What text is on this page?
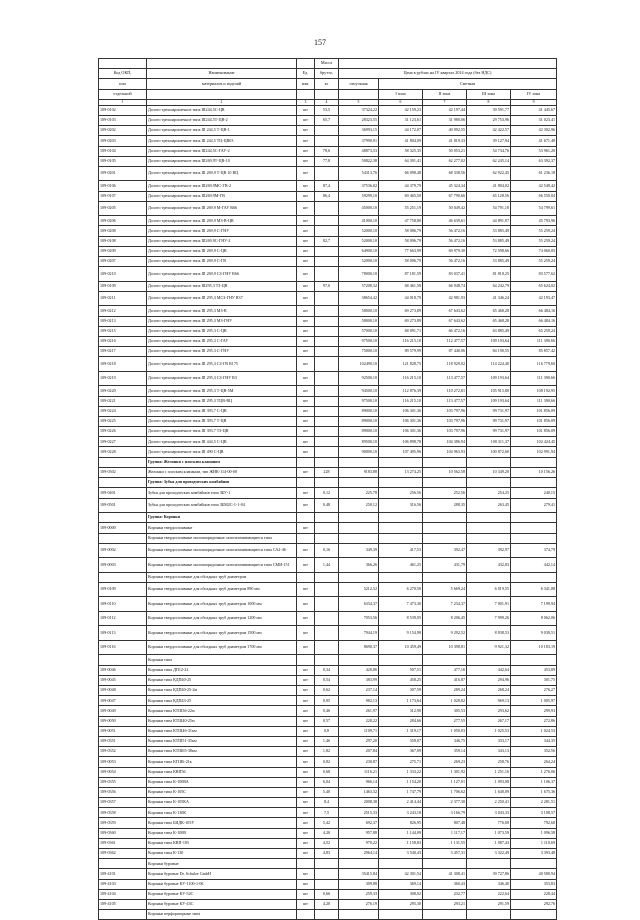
157
			Масса					
Код ОКП,	Наименование	Ед.	брутто,	Цена в рублях на IV квартал 2014 года (без НДС)				
или	материалов и изделий	изм.	кг	отпускная	Сметная			
отдельной					I зона	II зона	III зона	IV зона
1	2	3	4	5	6	7	8	9
109-0102	Долото трехшарошечное типа III244,5С-ЦВ	шт	53,5	37324,22	42 159,23	42 197,44	39 591,77	41 445,67
109-0103	Долото трехшарошечное типа III244,5Т-ЦВ-2	шт	65,7	28323,55	31 123,61	31 980,06	29 753,96	31 023,41
109-0202	Долото трехшарошечное типа III 244,5 Т-ЦВ-1	шт		36993,15	44 172,07	40 092,55	42 422,57	42 302,96
109-0203	Долото трехшарошечное типа III 244,5 ТЦ-ЦВ03	шт		37990,91	41 804,09	41 819,33	39 127,94	41 671,48
109-0104	Долото трехшарошечное типа III244,5С-ГАУ-2	шт	78,6	48873,53	58 325,35	50 053,21	54 734,76	53 961,20
109-0105	Долото трехшарошечное типа III269,9Т-ЦВ-10	шт	77,8	50822,38	64 391,41	62 277,02	62 245,14	63 392,37
109-0201	Долото трехшарошечное типа III 269,9 Т-ЦВ 10 ВЦ	шт		54313,76	66 098,48	68 338,56	62 922,45	61 236,18
109-0106	Долото трехшарошечное типа III269,9МС-ГВ-2	шт	87,4	37536,02	44 379,79	45 324,34	41 804,02	42 549,42
109-0107	Долото трехшарошечное типа III269,9М-ГВ	шт	86,4	59299,10	69 465,50	67 790,66	65 128,56	66 550,04
109-0205	Долото трехшарошечное типа III 269,9 М-ГАУ R66	шт		45000,10	55 251,19	50 049,42	54 791,18	54 799,61
109-0206	Долото трехшарошечное типа III 269,9 МЗ-В-ЦВ	шт		41000,10	47 758,80	46 639,61	44 891,97	45 793,96
109-0208	Долото трехшарошечное типа III 269,9 С-ГНУ	шт		52000,10	58 086,79	56 472,16	53 885,49	55 259,24
109-0108	Долото трехшарошечное типа III269,9С-ГНУ-2	шт	82,7	52000,10	58 096,79	56 472,16	53 885,49	55 259,24
109-0209	Долото трехшарошечное типа III 269,9 С-ЦВ	шт		64900,10	77 663,99	69 979,30	72 598,66	74 060,05
109-0207	Долото трехшарошечное типа III 269,9 С-ГВ	шт		52000,10	58 096,79	56 472,16	53 885,49	55 259,24
109-0210	Долото трехшарошечное типа III 269,9 СЗ-ГНУ R66	шт		78000,10	87 181,59	83 037,41	81 818,25	83 577,62
109-0109	Долото трехшарошечное типа III295,3 ТЗ-ЦВ	шт	97,0	57208,32	68 461,58	66 948,74	64 242,79	65 624,02
109-0211	Долото трехшарошечное типа III 295,3 МСЗ-ГНУ R37	шт		38654,42	44 018,79	42 981,93	41 346,24	42 193,47
109-0212	Долото трехшарошечное типа III 295,3 МЗ-В	шт		58000,10	69 273,89	67 643,62	65 468,28	66 484,16
109-0213	Долото трехшарошечное типа III 295,3 МЗ-ГНУ	шт		58000,10	69 273,89	67 643,62	65 468,28	66 484,16
109-0215	Долото трехшарошечное типа III 295,3 С-ЦВ	шт		57000,10	68 091,71	66 472,16	63 885,49	65 259,24
109-0216	Долото трехшарошечное типа III 295,3 С-ГАУ	шт		97500,10	116 215,10	112 477,57	109 193,64	111 390,66
109-0217	Долото трехшарошечное типа III 295,3 С-ГНУ	шт		75000,10	89 579,99	87 440,06	84 190,55	85 857,42
109-0218	Долото трехшарошечное типа III 295,3 СЗ-ГВ R175	шт		102490,10	121 828,75	118 929,02	114 224,40	116 779,60
109-0219	Долото трехшарошечное типа III 295,3 СЗ-ГНУ R3	шт		92500,10	116 215,10	113 477,57	109 193,64	111 390,66
109-0220	Долото трехшарошечное типа III 295,3 Т-ЦВ-5М	шт		94500,10	112 876,39	110 272,81	105 915,80	108 192,95
109-0221	Долото трехшарошечное типа III 295,3 ТЦВ-ВЦ	шт		97500,10	116 215,10	113 477,57	109 193,64	111 390,66
109-0224	Долото трехшарошечное типа III 393,7 С-ЦВ	шт		89000,10	106 301,36	103 797,96	99 731,97	101 856,09
109-0225	Долото трехшарошечное типа III 393,7 Т-ЦВ	шт		89000,10	106 301,36	103 797,96	99 731,97	101 856,09
109-0226	Долото трехшарошечное типа III 393,7 ТЗ-ЦВ	шт		89000,10	106 301,36	103 797,96	99 731,97	101 856,09
109-0227	Долото трехшарошечное типа III 444,5 С-ЦВ	шт		89500,10	106 898,78	104 386,94	100 311,37	102 424,45
109-0228	Долото трехшарошечное типа III 490 С-ЦВ	шт		90000,10	107 495,96	104 963,93	100 872,60	102 991,94
	Группа: Желонки с плоским клапаном							
109-0302	Желонки с плоским клапаном, тип ЖНК-114-00-00	шт	228	9183,88	13 274,25	10 562,58	10 349,20	10 156,26
	Группа: Зубья для проходческих комбайнов							
109-0401	Зубья для проходческих комбайнов типа ЗБУ-1	шт	0,12	225,78	256,56	252,56	254,25	240,15
109-0501	Зубья для проходческих комбайнов типа ЗБМ2С-1-1-04	шт	0,48	250,12	316,56	288,35	263,45	279,41
	Группа: Коронки							
109-0000	Коронки твердосплавные	шт						
	Коронки твердосплавные малоапорядочные самозатачивающиеся типа							
109-0002	Коронки твердосплавные малоапорядочные самозатачивающиеся типа СА2-46	шт	0,16	349,39	417,53	392,47	392,97	374,79
109-0003	Коронки твердосплавные малоапорядочные самозатачивающиеся типа СМИ-151	шт	1,44	366,26	461,25	431,79	432,83	442,14
	Коронки твердосплавные для обсадных труб диаметром							
109-0109	Коронки твердосплавные для обсадных труб диаметром 890 мм	шт		5212,52	6 270,50	5 669,24	6 019,55	6 341,88
109-0110	Коронки твердосплавные для обсадных труб диаметром 1000 мм	шт		6334,37	7 473,30	7 234,37	7 001,91	7 199,94
109-0112	Коронки твердосплавные для обсадных труб диаметром 1200 мм	шт		7053,56	8 539,05	8 206,45	7 999,26	8 062,06
109-0113	Коронки твердосплавные для обсадных труб диаметром 1500 мм	шт		7944,19	9 154,98	9 292,52	8 838,53	9 039,51
109-0116	Коронки твердосплавные для обсадных труб диаметром 1700 мм	шт		8690,37	10 459,49	10 398,81	9 921,32	10 183,19
	Коронки типа							
109-0046	Коронки типа ДП12-22	шт	0,34	420,86	507,51	477,16	442,64	453,89
109-0045	Коронки типа КДП40-25	шт	0,54	383,99	458,25	416,87	294,96	301,75
109-0048	Коронки типа КДП40-25-2м	шт	0,62	237,14	307,59	289,24	268,24	276,27
109-0047	Коронки типа КДП43-25	шт	0,95	982,13	1 173,64	1 028,82	969,13	1 005,97
109-0049	Коронки типа КТШ36-22м	шт	0,46	261,97	312,90	305,53	293,62	299,93
109-0050	Коронки типа КТШ40-25м	шт	0,57	228,22	284,66	277,55	267,17	272,86
109-0051	Коронки типа КТШ46-31км	шт	0,8	1109,71	1 319,17	1 050,03	1 025,53	1 024,53
109-0351	Коронки типа КТШ51-35км	шт	1,46	297,20	358,07	346,75	333,17	344,35
109-0352	Коронки типа КТШ65-38км	шт	1,82	207,84	367,09	359,14	343,13	352,56
109-0053	Коронки типа КГШ6-21к	шт	0,82	230,87	275,71	269,23	258,76	264,24
109-0054	Коронки типа КВП56	шт	0,68	1116,21	1 333,22	1 301,92	1 251,16	1 276,06
109-0355	Коронки типа К-100ВА	шт	6,04	966,14	1 154,20	1 127,01	1 093,08	1 106,37
109-0356	Коронки типа К-105С	шт	5,40	1463,32	1 747,79	1 706,62	1 640,09	1 675,36
109-0357	Коронки типа К-105КА	шт	8,4	2008,38	2 414,44	2 377,30	2 250,41	2 281,51
109-0358	Коронки типа К-130К	шт	7,5	2515,33	3 243,18	3 166,79	3 043,33	3 108,57
109-0359	Коронки типа БИДК-105У	шт	5,42	692,37	826,95	807,48	776,00	792,60
109-0360	Коронки типа К-100В	шт	4,20	957,88	1 144,09	1 117,17	1 073,59	1 096,58
109-0361	Коронки типа КВП-105	шт	4,52	970,22	1 158,83	1 131,55	1 087,43	1 110,69
109-0362	Коронки типа К-130	шт	4,83	2964,14	3 540,43	3 457,31	3 322,49	3 393,48
	Коронки буровые							
109-4101	Коронки буровые Dr. Schulze GmbH	шт		35415,84	42 301,54	41 308,41	39 727,86	40 580,94
109-4103	Коронки буровые КУ-1100-1-06	шт		309,88	369,14	360,43	346,40	353,83
109-4104	Коронки буровые КУ-52С	шт	0,66	259,33	308,02	232,77	222,64	228,44
109-4105	Коронки буровые КУ-43С	шт	4,20	276,19	295,30	293,21	291,59	292,76
	Коронки перфораторные типа							
